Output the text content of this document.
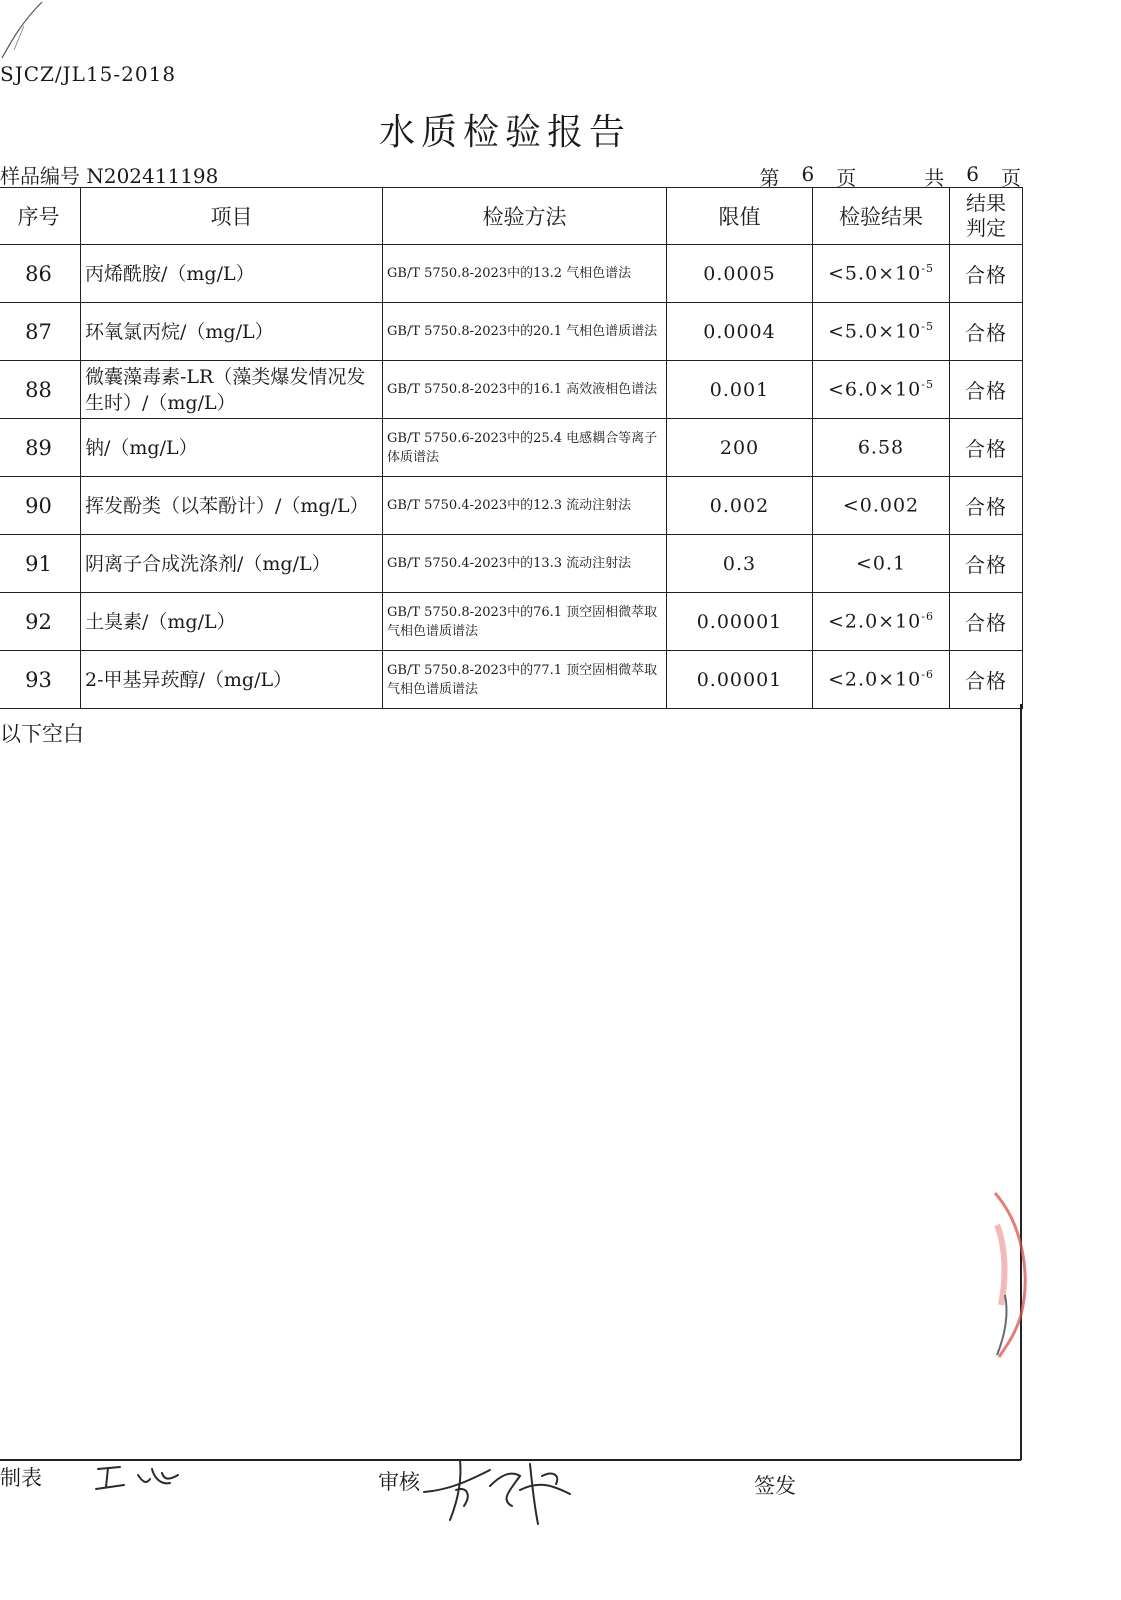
SJCZ/JL15-2018
水质检验报告
样品编号 N202411198	第 6 页	共 6 页
序号	项目	检验方法	限值	检验结果	结果
判定

86	丙烯酰胺/（mg/L）	GB/T 5750.8-2023中的13.2 气相色谱法	0.0005	$<5.0\times 10^{-5}$	合格
87	环氧氯丙烷/（mg/L）	GB/T 5750.8-2023中的20.1 气相色谱质谱法	0.0004	$<5.0\times 10^{-5}$	合格
88	微囊藻毒素-LR（藻类爆发情况发生时）/（mg/L）	GB/T 5750.8-2023中的16.1 高效液相色谱法	0.001	$<6.0\times 10^{-5}$	合格
89	钠/（mg/L）	GB/T 5750.6-2023中的25.4 电感耦合等离子体质谱法	200	6.58	合格
90	挥发酚类（以苯酚计）/（mg/L）	GB/T 5750.4-2023中的12.3 流动注射法	0.002	<0.002	合格
91	阴离子合成洗涤剂/（mg/L）	GB/T 5750.4-2023中的13.3 流动注射法	0.3	<0.1	合格
92	土臭素/（mg/L）	GB/T 5750.8-2023中的76.1 顶空固相微萃取气相色谱质谱法	0.00001	$<2.0\times 10^{-6}$	合格
93	2-甲基异莰醇/（mg/L）	GB/T 5750.8-2023中的77.1 顶空固相微萃取气相色谱质谱法	0.00001	$<2.0\times 10^{-6}$	合格
以下空白
制表	审核	签发
